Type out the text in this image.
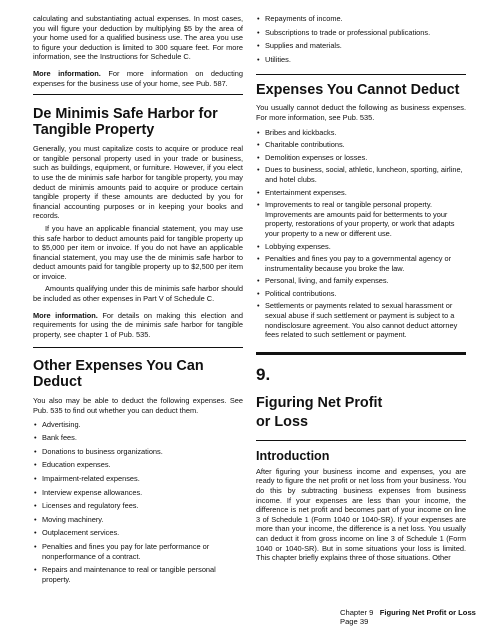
calculating and substantiating actual expenses. In most cases, you will figure your deduction by multiplying $5 by the area of your home used for a qualified business use. The area you use to figure your deduction is limited to 300 square feet. For more information, see the Instructions for Schedule C.

More information. For more information on deducting expenses for the business use of your home, see Pub. 587.

De Minimis Safe Harbor for Tangible Property

Generally, you must capitalize costs to acquire or produce real or tangible personal property used in your trade or business, such as buildings, equipment, or furniture. However, if you elect to use the de minimis safe harbor for tangible property, you may deduct de minimis amounts paid to acquire or produce certain tangible property if these amounts are deducted by you for financial accounting purposes or in keeping your books and records.

If you have an applicable financial statement, you may use this safe harbor to deduct amounts paid for tangible property up to $5,000 per item or invoice. If you do not have an applicable financial statement, you may use the de minimis safe harbor to deduct amounts paid for tangible property up to $2,500 per item or invoice.

Amounts qualifying under this de minimis safe harbor should be included as other expenses in Part V of Schedule C.

More information. For details on making this election and requirements for using the de minimis safe harbor for tangible property, see chapter 1 of Pub. 535.

Other Expenses You Can Deduct

You also may be able to deduct the following expenses. See Pub. 535 to find out whether you can deduct them.

• Advertising.
• Bank fees.
• Donations to business organizations.
• Education expenses.
• Impairment-related expenses.
• Interview expense allowances.
• Licenses and regulatory fees.
• Moving machinery.
• Outplacement services.
• Penalties and fines you pay for late performance or nonperformance of a contract.
• Repairs and maintenance to real or tangible personal property.
• Repayments of income.
• Subscriptions to trade or professional publications.
• Supplies and materials.
• Utilities.
Expenses You Cannot Deduct

You usually cannot deduct the following as business expenses. For more information, see Pub. 535.

• Bribes and kickbacks.
• Charitable contributions.
• Demolition expenses or losses.
• Dues to business, social, athletic, luncheon, sporting, airline, and hotel clubs.
• Entertainment expenses.
• Improvements to real or tangible personal property. Improvements are amounts paid for betterments to your property, restorations of your property, or work that adapts your property to a new or different use.
• Lobbying expenses.
• Penalties and fines you pay to a governmental agency or instrumentality because you broke the law.
• Personal, living, and family expenses.
• Political contributions.
• Settlements or payments related to sexual harassment or sexual abuse if such settlement or payment is subject to a nondisclosure agreement. You also cannot deduct attorney fees related to such settlement or payment.
9.
Figuring Net Profit
or Loss
Introduction

After figuring your business income and expenses, you are ready to figure the net profit or net loss from your business. You do this by subtracting business expenses from business income. If your expenses are less than your income, the difference is net profit and becomes part of your income on line 3 of Schedule 1 (Form 1040 or 1040-SR). If your expenses are more than your income, the difference is a net loss. You usually can deduct it from gross income on line 3 of Schedule 1 (Form 1040 or 1040-SR). But in some situations your loss is limited. This chapter briefly explains three of those situations. Other

Chapter 9 Figuring Net Profit or Loss    Page 39
